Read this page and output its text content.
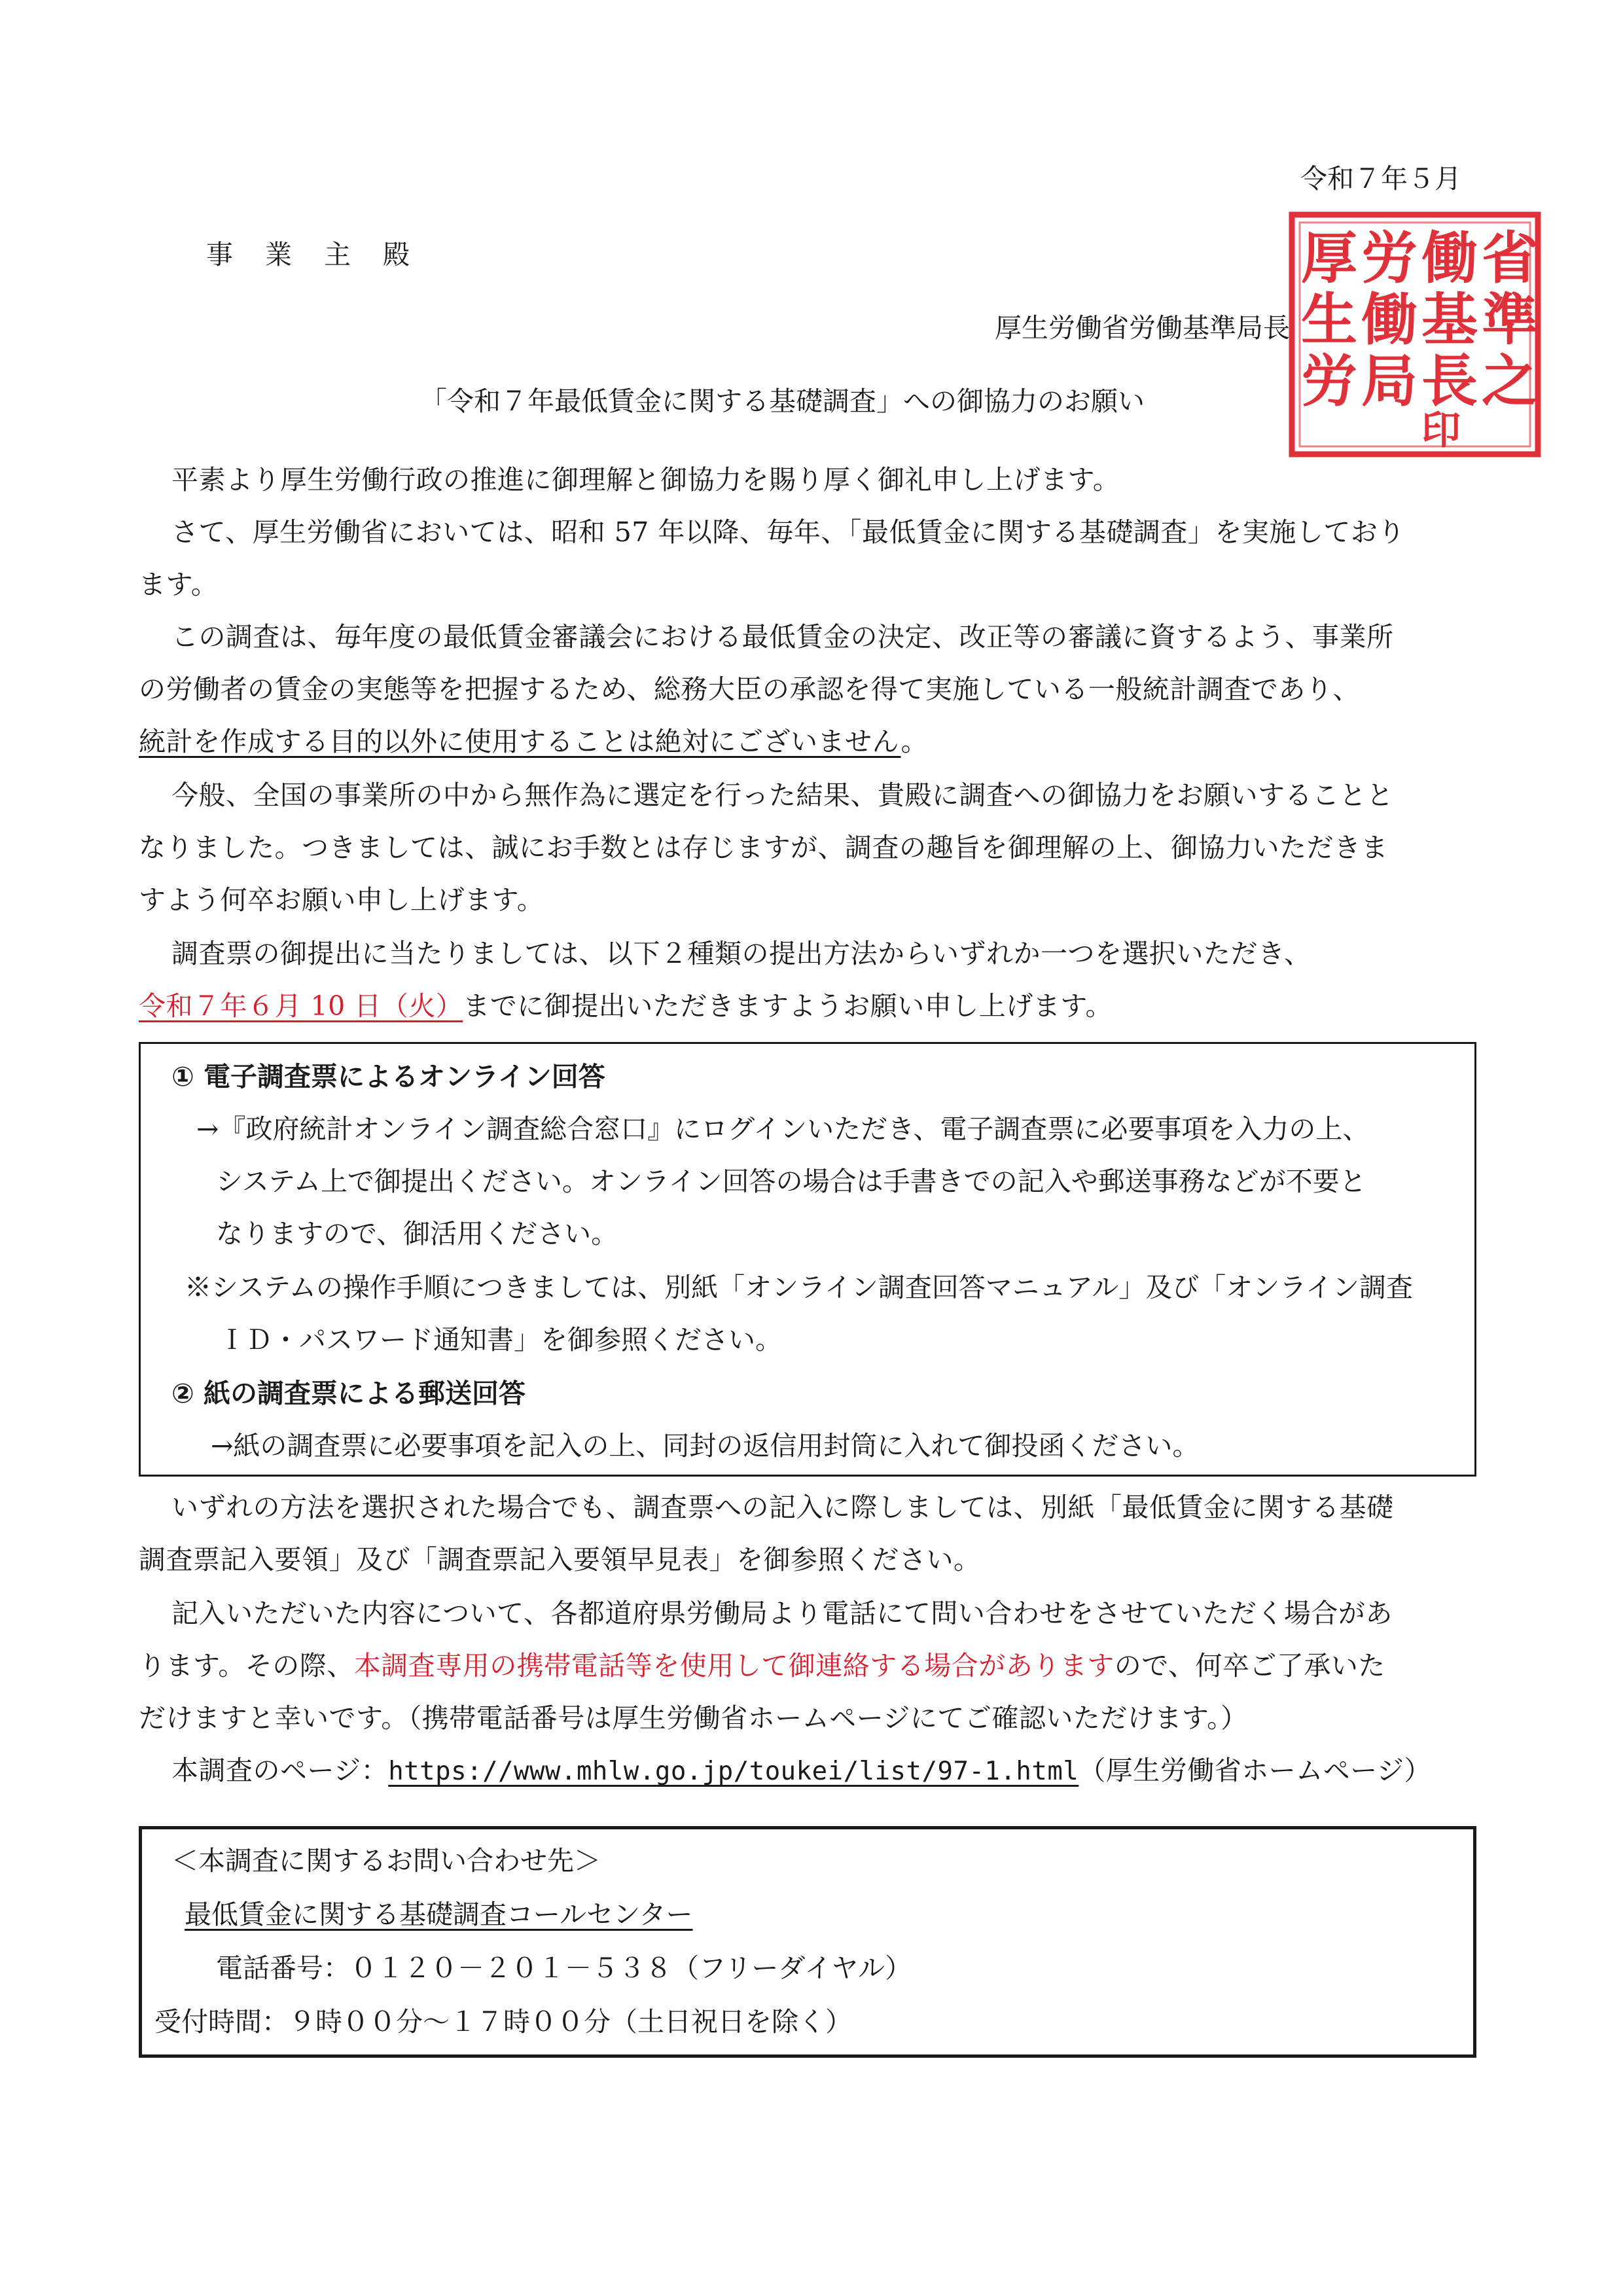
令和７年５月
事　業　主　殿
厚生労働省労働基準局長
省
準
之
働
基
長
印
労
働
局
厚
生
労
「令和７年最低賃金に関する基礎調査」への御協力のお願い
平素より厚生労働行政の推進に御理解と御協力を賜り厚く御礼申し上げます。
さて、厚生労働省においては、昭和 57 年以降、毎年、「最低賃金に関する基礎調査」を実施しており
ます。
この調査は、毎年度の最低賃金審議会における最低賃金の決定、改正等の審議に資するよう、事業所
の労働者の賃金の実態等を把握するため、総務大臣の承認を得て実施している一般統計調査であり、
統計を作成する目的以外に使用することは絶対にございません。
今般、全国の事業所の中から無作為に選定を行った結果、貴殿に調査への御協力をお願いすることと
なりました。つきましては、誠にお手数とは存じますが、調査の趣旨を御理解の上、御協力いただきま
すよう何卒お願い申し上げます。
調査票の御提出に当たりましては、以下２種類の提出方法からいずれか一つを選択いただき、
令和７年６月 10 日（火）までに御提出いただきますようお願い申し上げます。
① 電子調査票によるオンライン回答
→『政府統計オンライン調査総合窓口』にログインいただき、電子調査票に必要事項を入力の上、
システム上で御提出ください。オンライン回答の場合は手書きでの記入や郵送事務などが不要と
なりますので、御活用ください。
※システムの操作手順につきましては、別紙「オンライン調査回答マニュアル」及び「オンライン調査
ＩＤ・パスワード通知書」を御参照ください。
② 紙の調査票による郵送回答
→紙の調査票に必要事項を記入の上、同封の返信用封筒に入れて御投函ください。
いずれの方法を選択された場合でも、調査票への記入に際しましては、別紙「最低賃金に関する基礎
調査票記入要領」及び「調査票記入要領早見表」を御参照ください。
記入いただいた内容について、各都道府県労働局より電話にて問い合わせをさせていただく場合があ
ります。その際、本調査専用の携帯電話等を使用して御連絡する場合がありますので、何卒ご了承いた
だけますと幸いです。（携帯電話番号は厚生労働省ホームページにてご確認いただけます。）
本調査のページ：https://www.mhlw.go.jp/toukei/list/97-1.html（厚生労働省ホームページ）
＜本調査に関するお問い合わせ先＞
最低賃金に関する基礎調査コールセンター
電話番号：０１２０－２０１－５３８（フリーダイヤル）
受付時間：９時００分～１７時００分（土日祝日を除く）
